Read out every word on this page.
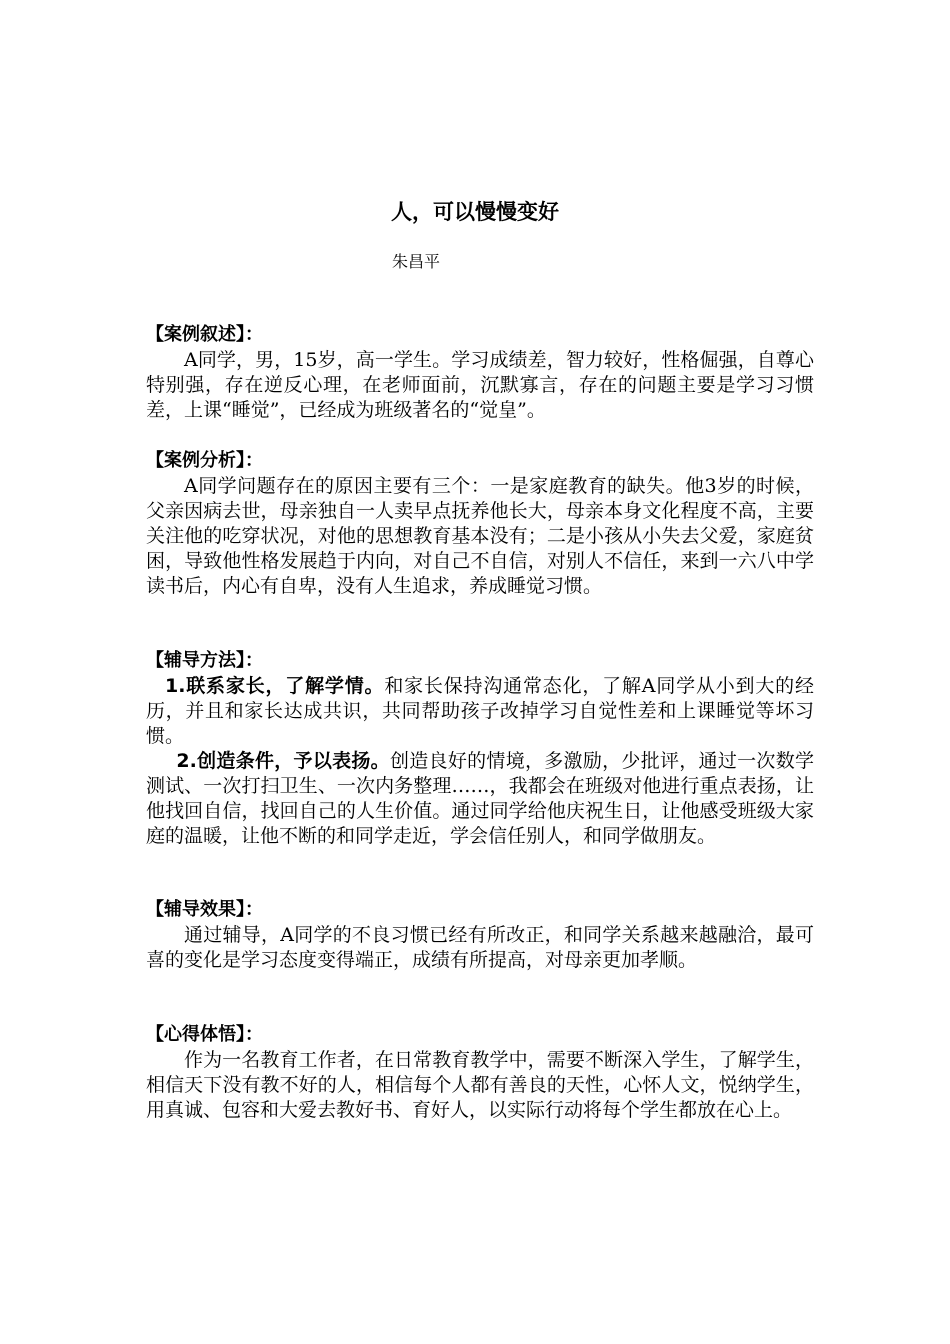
人，可以慢慢变好

朱昌平

【案例叙述】：

A同学，男，15岁，高一学生。学习成绩差，智力较好，性格倔强，自尊心特别强，存在逆反心理，在老师面前，沉默寡言，存在的问题主要是学习习惯差，上课“睡觉”，已经成为班级著名的“觉皇”。

【案例分析】：

A同学问题存在的原因主要有三个：一是家庭教育的缺失。他3岁的时候，父亲因病去世，母亲独自一人卖早点抚养他长大，母亲本身文化程度不高，主要关注他的吃穿状况，对他的思想教育基本没有；二是小孩从小失去父爱，家庭贫困，导致他性格发展趋于内向，对自己不自信，对别人不信任，来到一六八中学读书后，内心有自卑，没有人生追求，养成睡觉习惯。

【辅导方法】：

1.联系家长，了解学情。和家长保持沟通常态化，了解A同学从小到大的经历，并且和家长达成共识，共同帮助孩子改掉学习自觉性差和上课睡觉等坏习惯。

2.创造条件，予以表扬。创造良好的情境，多激励，少批评，通过一次数学测试、一次打扫卫生、一次内务整理……，我都会在班级对他进行重点表扬，让他找回自信，找回自己的人生价值。通过同学给他庆祝生日，让他感受班级大家庭的温暖，让他不断的和同学走近，学会信任别人，和同学做朋友。

【辅导效果】：

通过辅导，A同学的不良习惯已经有所改正，和同学关系越来越融洽，最可喜的变化是学习态度变得端正，成绩有所提高，对母亲更加孝顺。

【心得体悟】：

作为一名教育工作者，在日常教育教学中，需要不断深入学生，了解学生，相信天下没有教不好的人，相信每个人都有善良的天性，心怀人文，悦纳学生，用真诚、包容和大爱去教好书、育好人，以实际行动将每个学生都放在心上。
